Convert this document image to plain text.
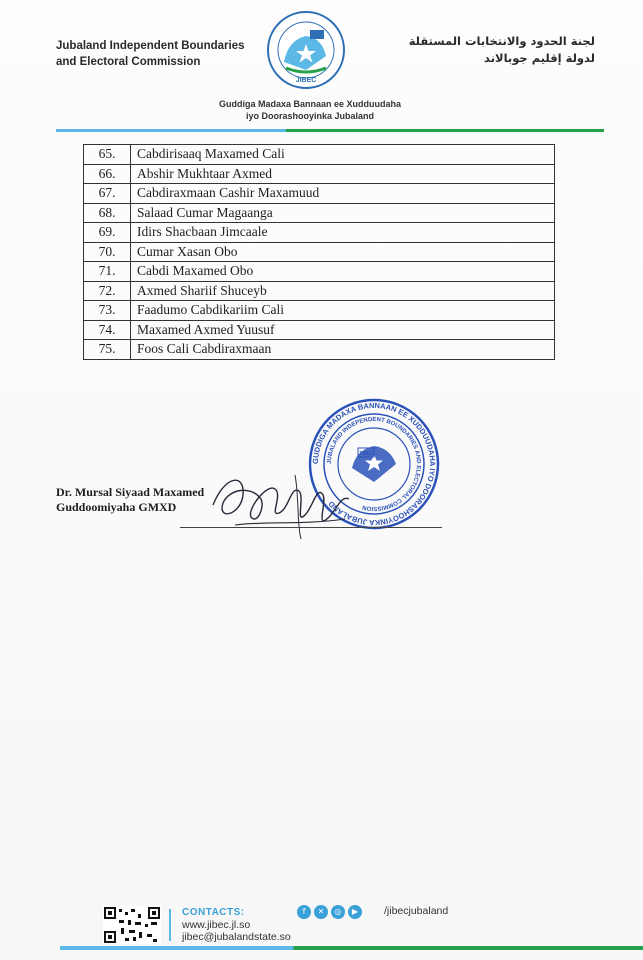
Jubaland Independent Boundaries
and Electoral Commission
JIBEC
لجنة الحدود والانتخابات المستقلة
لدولة إقليم جوبالاند
Guddiga Madaxa Bannaan ee Xudduudaha
iyo Doorashooyinka Jubaland
65.	Cabdirisaaq Maxamed Cali
66.	Abshir Mukhtaar Axmed
67.	Cabdiraxmaan Cashir Maxamuud
68.	Salaad Cumar Magaanga
69.	Idirs Shacbaan Jimcaale
70.	Cumar Xasan Obo
71.	Cabdi Maxamed Obo
72.	Axmed Shariif Shuceyb
73.	Faadumo Cabdikariim Cali
74.	Maxamed Axmed Yuusuf
75.	Foos Cali Cabdiraxmaan
Dr. Mursal Siyaad Maxamed
Guddoomiyaha GMXD
GUDDIGA MADAXA BANNAAN EE XUDDUUDAHA IYO DOORASHOOYINKA JUBALAND
JUBALAND INDEPENDENT BOUNDARIES AND ELECTORAL COMMISSION
JIBEC
CONTACTS:
www.jibec.jl.so
jibec@jubalandstate.so
f	✕	◎	▶	/jibecjubaland
